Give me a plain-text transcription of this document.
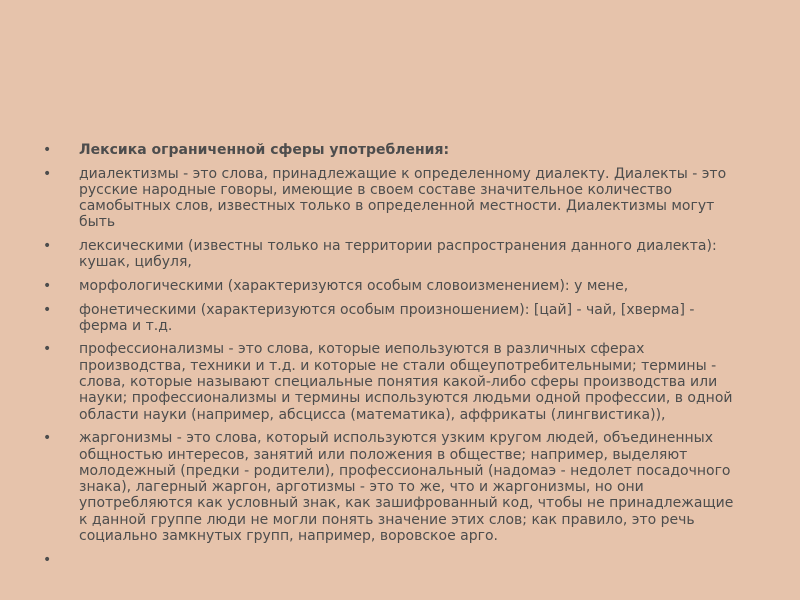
• Лексика ограниченной сферы употребления:
• диалектизмы - это слова, принадлежащие к определенному диалекту. Диалекты - это русские народные говоры, имеющие в своем составе значительное количество самобытных слов, известных только в определенной местности. Диалектизмы могут быть
• лексическими (известны только на территории распространения данного диалекта): кушак, цибуля,
• морфологическими (характеризуются особым словоизменением): у мене,
• фонетическими (характеризуются особым произношением): [цай] - чай, [хверма] - ферма и т.д.
• профессионализмы - это слова, которые иепользуются в различных сферах производства, техники и т.д. и которые не стали общеупотребительными; термины - слова, которые называют специальные понятия какой-либо сферы производства или науки; профессионализмы и термины используются людьми одной профессии, в одной области науки (например, абсцисса (математика), аффрикаты (лингвистика)),
• жаргонизмы - это слова, который используются узким кругом людей, объединенных общностью интересов, занятий или положения в обществе; например, выделяют молодежный (предки - родители), профессиональный (надомаэ - недолет посадочного знака), лагерный жаргон, арготизмы - это то же, что и жаргонизмы, но они употребляются как условный знак, как зашифрованный код, чтобы не принадлежащие к данной группе люди не могли понять значение этих слов; как правило, это речь социально замкнутых групп, например, воровское арго.
•
